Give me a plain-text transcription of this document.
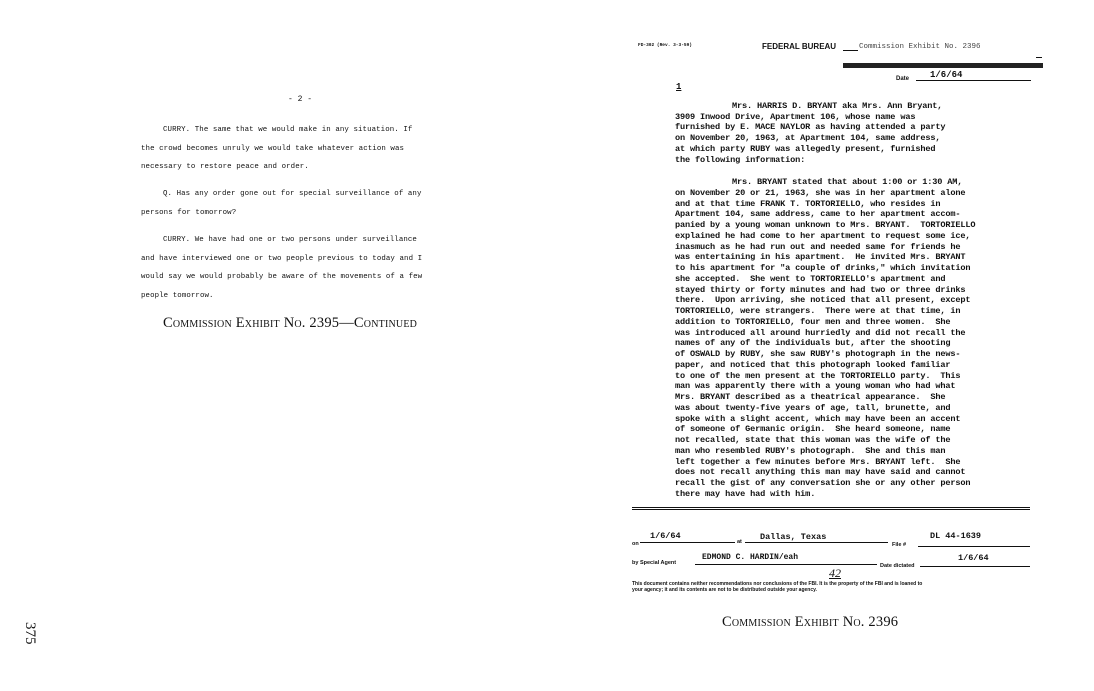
375
- 2 -
CURRY. The same that we would make in any situation. If
the crowd becomes unruly we would take whatever action was
necessary to restore peace and order.
Q. Has any order gone out for special surveillance of any
persons for tomorrow?
CURRY. We have had one or two persons under surveillance
and have interviewed one or two people previous to today and I
would say we would probably be aware of the movements of a few
people tomorrow.
Commission Exhibit No. 2395—Continued
FD-302 (Rev. 3-3-59)	FEDERAL BUREAU	Commission Exhibit No. 2396
Date 1/6/64
1
Mrs. HARRIS D. BRYANT aka Mrs. Ann Bryant,
3909 Inwood Drive, Apartment 106, whose name was
furnished by E. MACE NAYLOR as having attended a party
on November 20, 1963, at Apartment 104, same address,
at which party RUBY was allegedly present, furnished
the following information:
Mrs. BRYANT stated that about 1:00 or 1:30 AM,
on November 20 or 21, 1963, she was in her apartment alone
and at that time FRANK T. TORTORIELLO, who resides in
Apartment 104, same address, came to her apartment accom-
panied by a young woman unknown to Mrs. BRYANT.  TORTORIELLO
explained he had come to her apartment to request some ice,
inasmuch as he had run out and needed same for friends he
was entertaining in his apartment.  He invited Mrs. BRYANT
to his apartment for "a couple of drinks," which invitation
she accepted.  She went to TORTORIELLO's apartment and
stayed thirty or forty minutes and had two or three drinks
there.  Upon arriving, she noticed that all present, except
TORTORIELLO, were strangers.  There were at that time, in
addition to TORTORIELLO, four men and three women.  She
was introduced all around hurriedly and did not recall the
names of any of the individuals but, after the shooting
of OSWALD by RUBY, she saw RUBY's photograph in the news-
paper, and noticed that this photograph looked familiar
to one of the men present at the TORTORIELLO party.  This
man was apparently there with a young woman who had what
Mrs. BRYANT described as a theatrical appearance.  She
was about twenty-five years of age, tall, brunette, and
spoke with a slight accent, which may have been an accent
of someone of Germanic origin.  She heard someone, name
not recalled, state that this woman was the wife of the
man who resembled RUBY's photograph.  She and this man
left together a few minutes before Mrs. BRYANT left.  She
does not recall anything this man may have said and cannot
recall the gist of any conversation she or any other person
there may have had with him.
on
1/6/64
at Dallas, Texas
File #
DL 44-1639
by Special Agent
EDMOND C. HARDIN/eah
Date dictated
1/6/64
42
This document contains neither recommendations nor conclusions of the FBI. It is the property of the FBI and is loaned to
your agency; it and its contents are not to be distributed outside your agency.
Commission Exhibit No. 2396
